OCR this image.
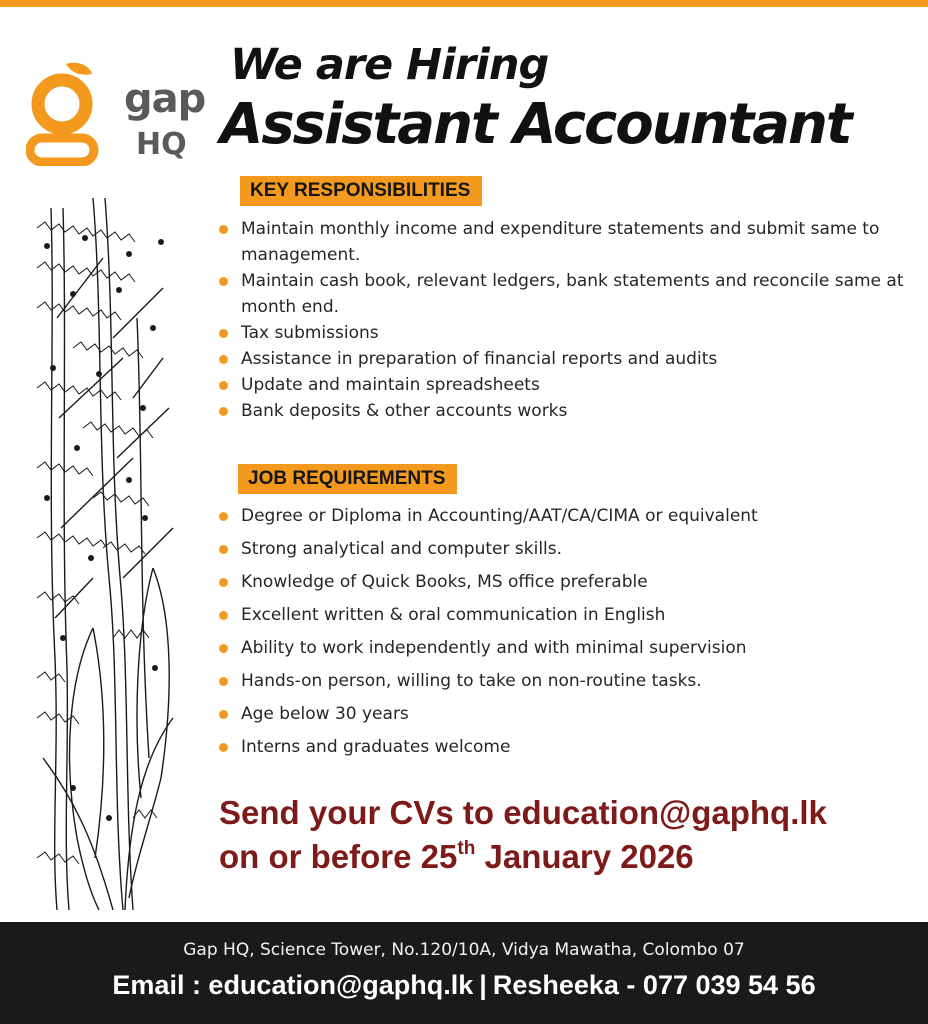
gap
HQ
We are Hiring
Assistant Accountant
KEY RESPONSIBILITIES
Maintain monthly income and expenditure statements and submit same to management.
Maintain cash book, relevant ledgers, bank statements and reconcile same at month end.
Tax submissions
Assistance in preparation of financial reports and audits
Update and maintain spreadsheets
Bank deposits & other accounts works
JOB REQUIREMENTS
Degree or Diploma in Accounting/AAT/CA/CIMA or equivalent
Strong analytical and computer skills.
Knowledge of Quick Books, MS office preferable
Excellent written & oral communication in English
Ability to work independently and with minimal supervision
Hands-on person, willing to take on non-routine tasks.
Age below 30 years
Interns and graduates welcome
Send your CVs to education@gaphq.lk
on or before 25th January 2026
Gap HQ, Science Tower, No.120/10A, Vidya Mawatha, Colombo 07
Email : education@gaphq.lk | Resheeka - 077 039 54 56
